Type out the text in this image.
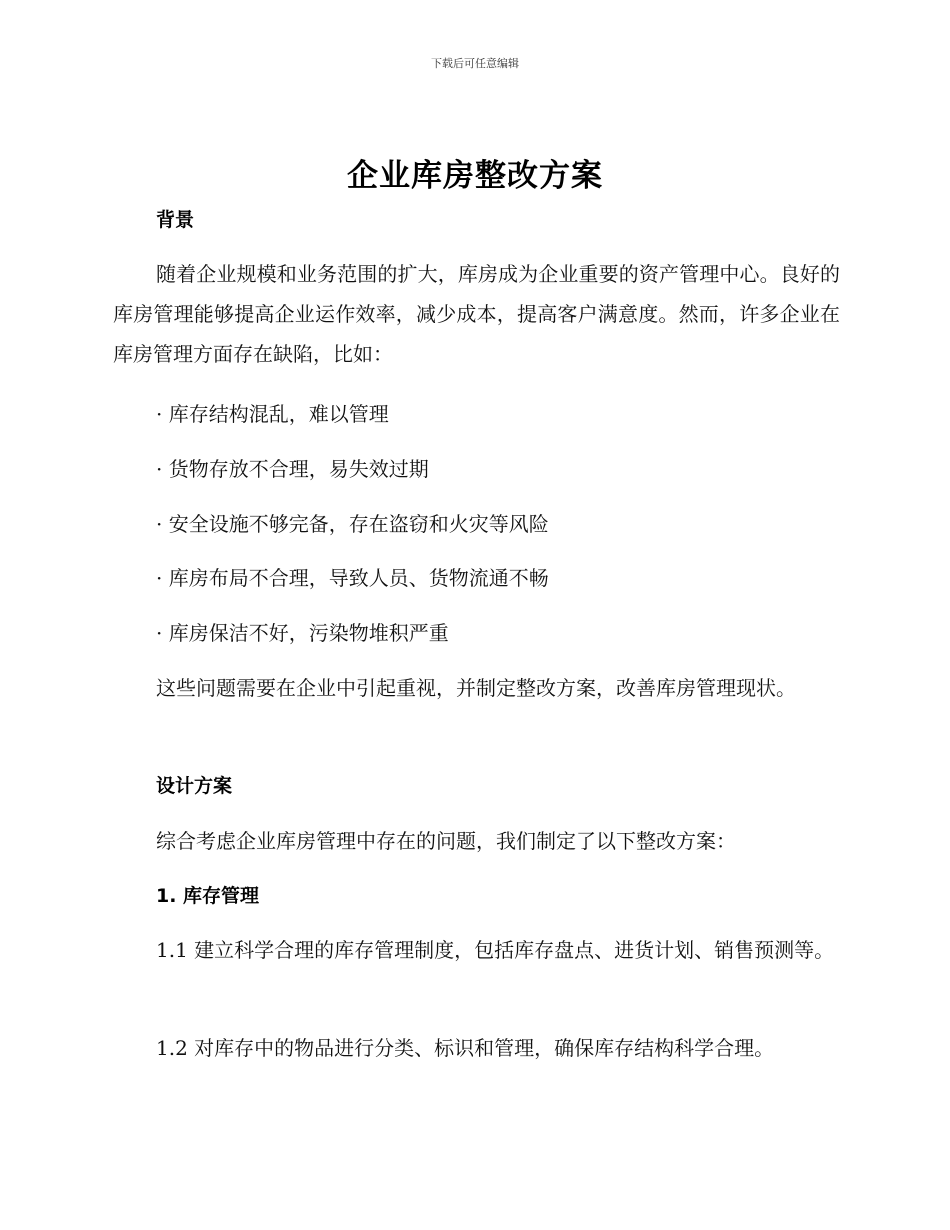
下载后可任意编辑
企业库房整改方案
背景

随着企业规模和业务范围的扩大，库房成为企业重要的资产管理中心。良好的库房管理能够提高企业运作效率，减少成本，提高客户满意度。然而，许多企业在库房管理方面存在缺陷，比如：

· 库存结构混乱，难以管理
· 货物存放不合理，易失效过期
· 安全设施不够完备，存在盗窃和火灾等风险
· 库房布局不合理，导致人员、货物流通不畅
· 库房保洁不好，污染物堆积严重

这些问题需要在企业中引起重视，并制定整改方案，改善库房管理现状。

设计方案

综合考虑企业库房管理中存在的问题，我们制定了以下整改方案：

1. 库存管理

1.1 建立科学合理的库存管理制度，包括库存盘点、进货计划、销售预测等。

1.2 对库存中的物品进行分类、标识和管理，确保库存结构科学合理。
